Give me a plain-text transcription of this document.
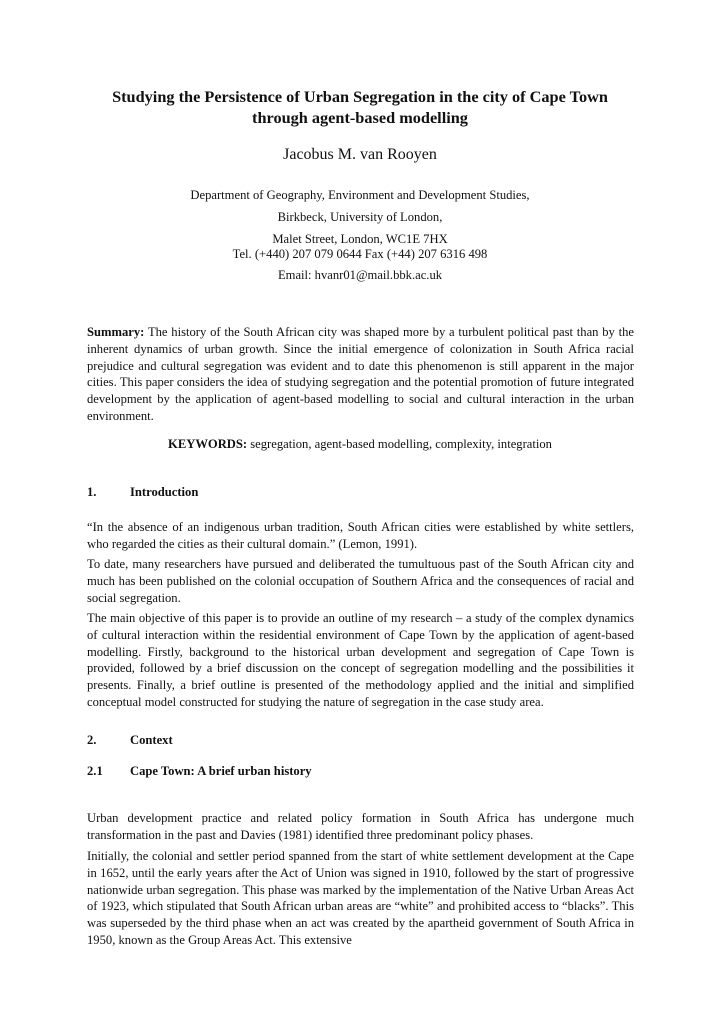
Studying the Persistence of Urban Segregation in the city of Cape Town
through agent-based modelling
Jacobus M. van Rooyen
Department of Geography, Environment and Development Studies,
Birkbeck, University of London,
Malet Street, London, WC1E 7HX
Tel. (+440) 207 079 0644 Fax (+44) 207 6316 498
Email: hvanr01@mail.bbk.ac.uk

Summary: The history of the South African city was shaped more by a turbulent political past than by the inherent dynamics of urban growth. Since the initial emergence of colonization in South Africa racial prejudice and cultural segregation was evident and to date this phenomenon is still apparent in the major cities. This paper considers the idea of studying segregation and the potential promotion of future integrated development by the application of agent-based modelling to social and cultural interaction in the urban environment.

KEYWORDS: segregation, agent-based modelling, complexity, integration
1.	Introduction

“In the absence of an indigenous urban tradition, South African cities were established by white settlers, who regarded the cities as their cultural domain.” (Lemon, 1991).

To date, many researchers have pursued and deliberated the tumultuous past of the South African city and much has been published on the colonial occupation of Southern Africa and the consequences of racial and social segregation.

The main objective of this paper is to provide an outline of my research – a study of the complex dynamics of cultural interaction within the residential environment of Cape Town by the application of agent-based modelling. Firstly, background to the historical urban development and segregation of Cape Town is provided, followed by a brief discussion on the concept of segregation modelling and the possibilities it presents. Finally, a brief outline is presented of the methodology applied and the initial and simplified conceptual model constructed for studying the nature of segregation in the case study area.

2.	Context
2.1 Cape Town: A brief urban history

Urban development practice and related policy formation in South Africa has undergone much transformation in the past and Davies (1981) identified three predominant policy phases.

Initially, the colonial and settler period spanned from the start of white settlement development at the Cape in 1652, until the early years after the Act of Union was signed in 1910, followed by the start of progressive nationwide urban segregation. This phase was marked by the implementation of the Native Urban Areas Act of 1923, which stipulated that South African urban areas are “white” and prohibited access to “blacks”. This was superseded by the third phase when an act was created by the apartheid government of South Africa in 1950, known as the Group Areas Act. This extensive
